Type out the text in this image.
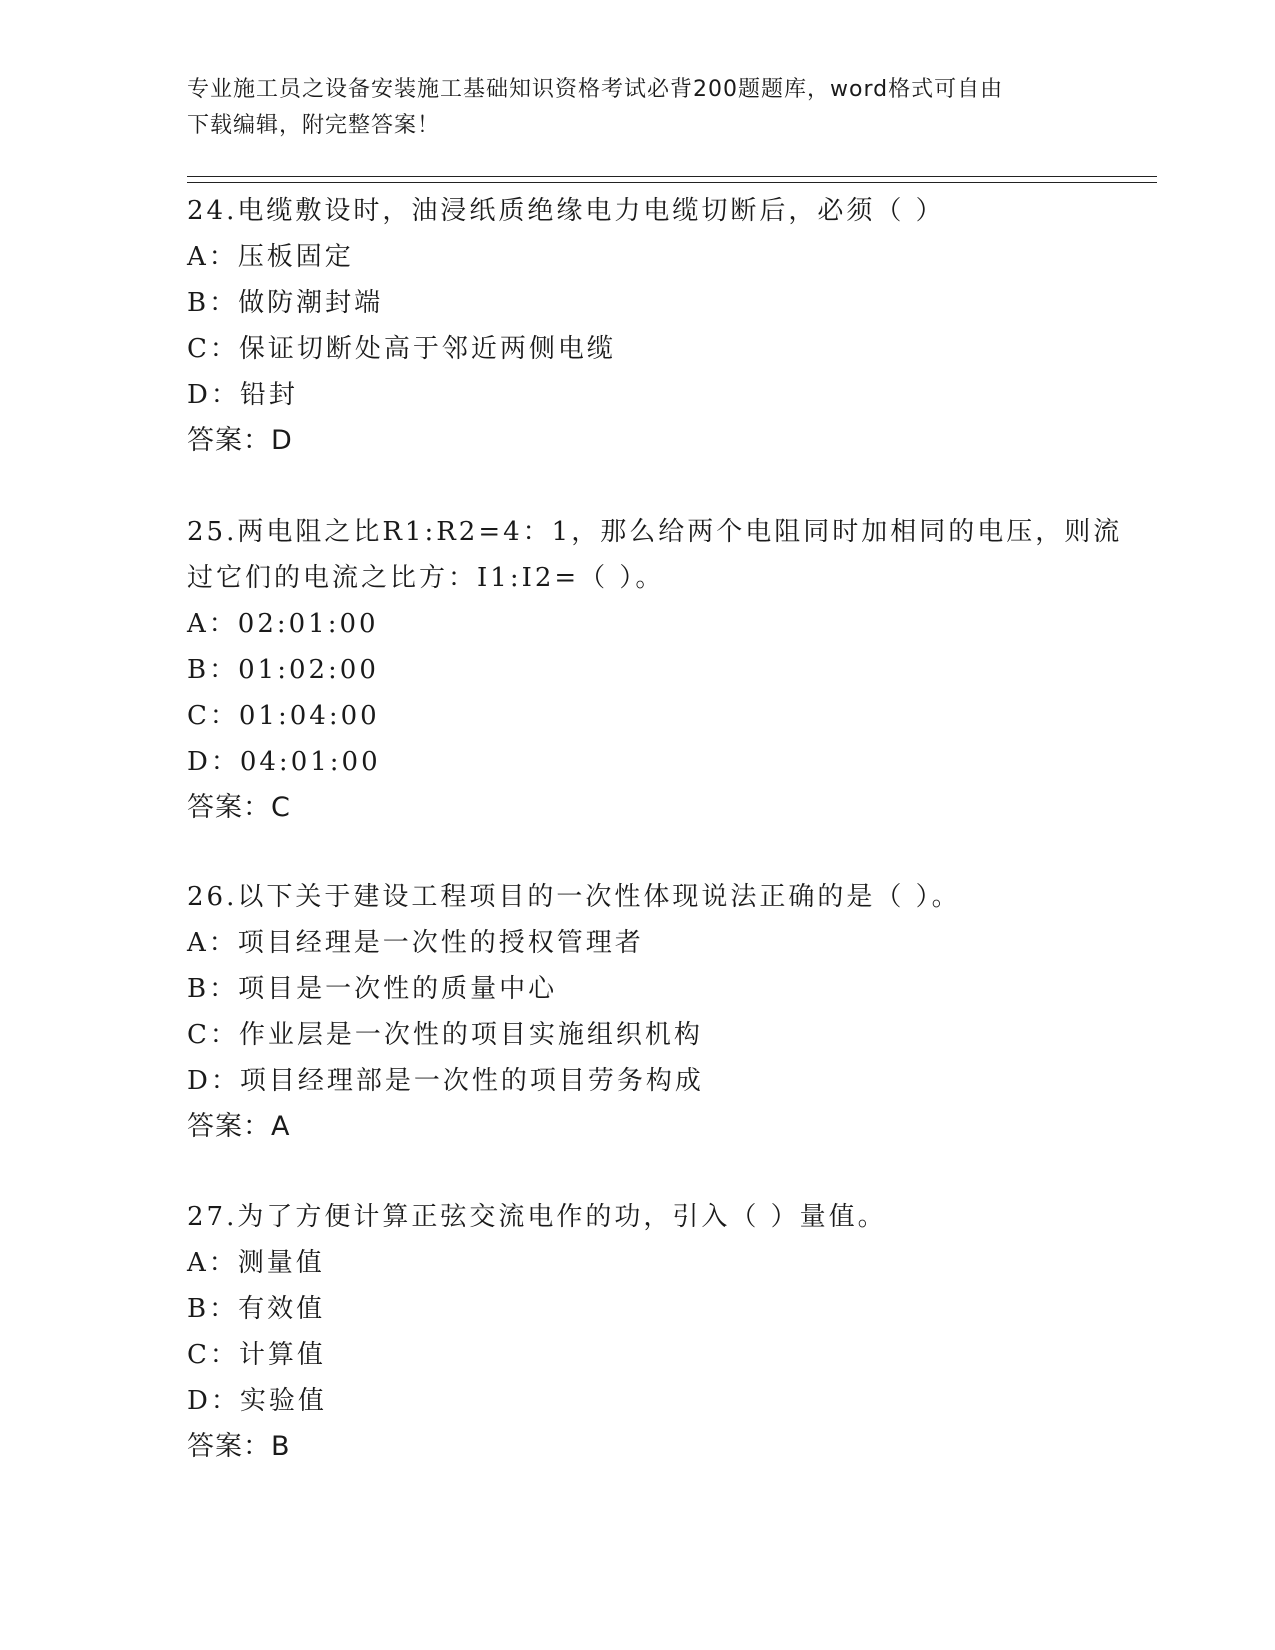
专业施工员之设备安装施工基础知识资格考试必背200题题库，word格式可自由
下载编辑，附完整答案！
24.电缆敷设时，油浸纸质绝缘电力电缆切断后，必须（ ）
A：压板固定
B：做防潮封端
C：保证切断处高于邻近两侧电缆
D：铅封
答案：D
25.两电阻之比R1:R2=4：1，那么给两个电阻同时加相同的电压，则流
过它们的电流之比方：I1:I2=（ ）。
A：02:01:00
B：01:02:00
C：01:04:00
D：04:01:00
答案：C
26.以下关于建设工程项目的一次性体现说法正确的是（ ）。
A：项目经理是一次性的授权管理者
B：项目是一次性的质量中心
C：作业层是一次性的项目实施组织机构
D：项目经理部是一次性的项目劳务构成
答案：A
27.为了方便计算正弦交流电作的功，引入（ ）量值。
A：测量值
B：有效值
C：计算值
D：实验值
答案：B
